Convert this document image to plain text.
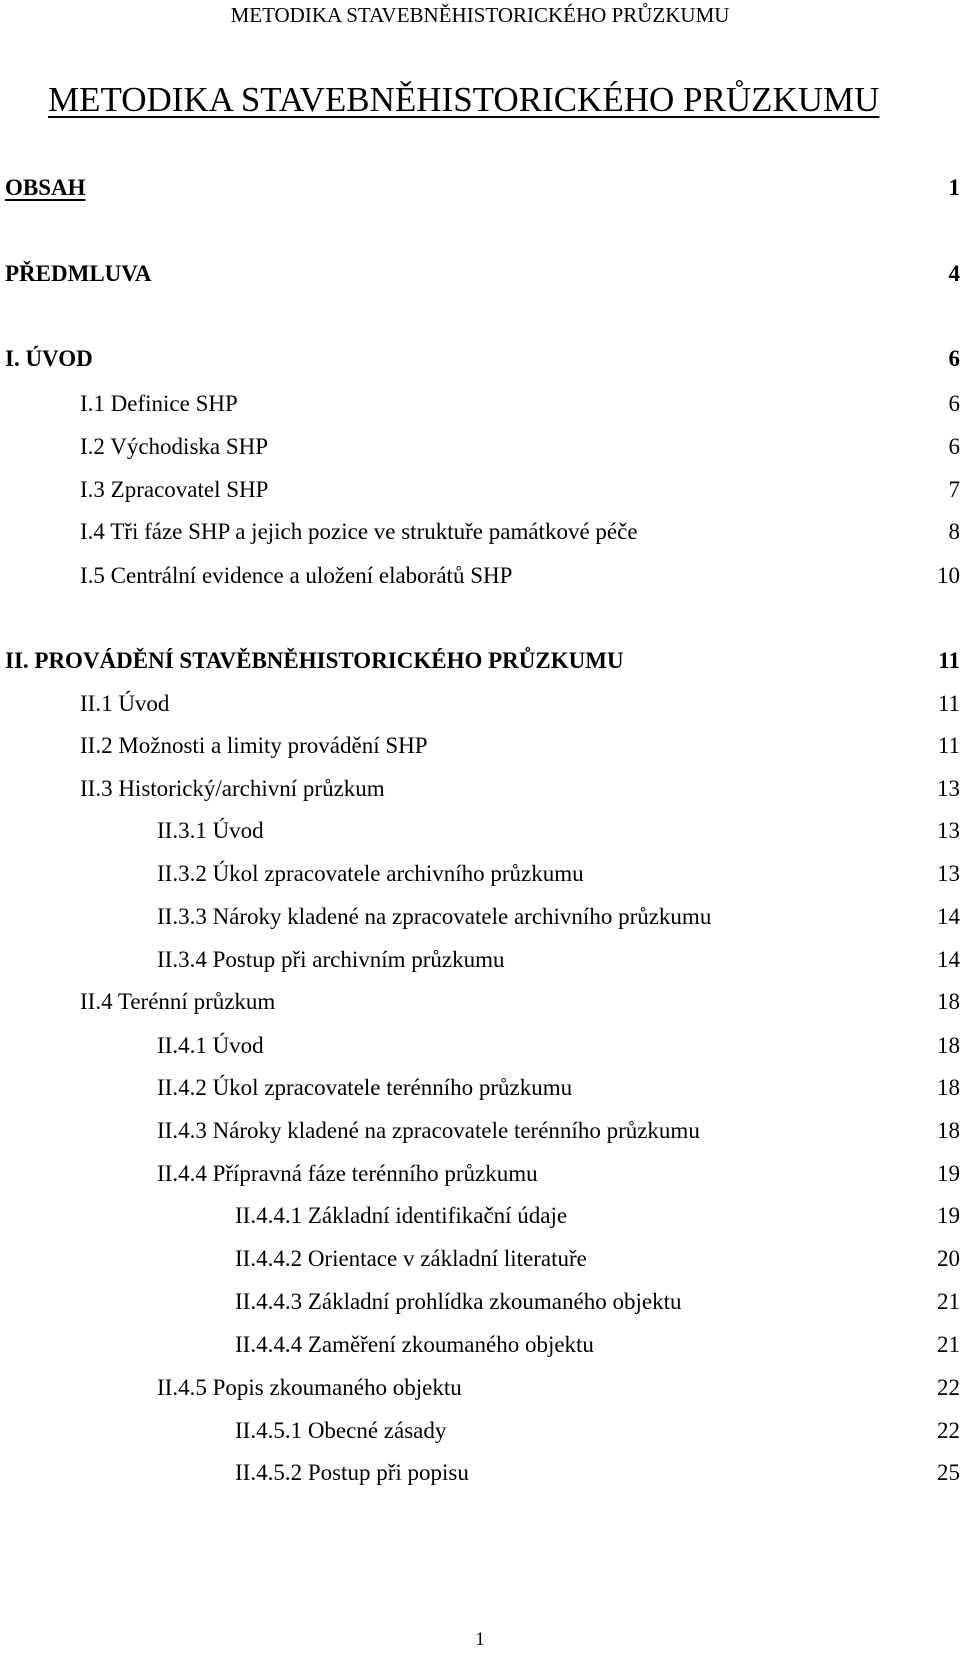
METODIKA STAVEBNĚHISTORICKÉHO PRŮZKUMU
METODIKA STAVEBNĚHISTORICKÉHO PRŮZKUMU
OBSAH	1
PŘEDMLUVA	4
I. ÚVOD	6
I.1 Definice SHP	6
I.2 Východiska SHP	6
I.3 Zpracovatel SHP	7
I.4 Tři fáze SHP a jejich pozice ve struktuře památkové péče	8
I.5 Centrální evidence a uložení elaborátů SHP	10
II. PROVÁDĚNÍ STAVĚBNĚHISTORICKÉHO PRŮZKUMU	11
II.1 Úvod	11
II.2 Možnosti a limity provádění SHP	11
II.3 Historický/archivní průzkum	13
II.3.1 Úvod	13
II.3.2 Úkol zpracovatele archivního průzkumu	13
II.3.3 Nároky kladené na zpracovatele archivního průzkumu	14
II.3.4 Postup při archivním průzkumu	14
II.4 Terénní průzkum	18
II.4.1 Úvod	18
II.4.2 Úkol zpracovatele terénního průzkumu	18
II.4.3 Nároky kladené na zpracovatele terénního průzkumu	18
II.4.4 Přípravná fáze terénního průzkumu	19
II.4.4.1 Základní identifikační údaje	19
II.4.4.2 Orientace v základní literatuře	20
II.4.4.3 Základní prohlídka zkoumaného objektu	21
II.4.4.4 Zaměření zkoumaného objektu	21
II.4.5 Popis zkoumaného objektu	22
II.4.5.1 Obecné zásady	22
II.4.5.2 Postup při popisu	25
1
